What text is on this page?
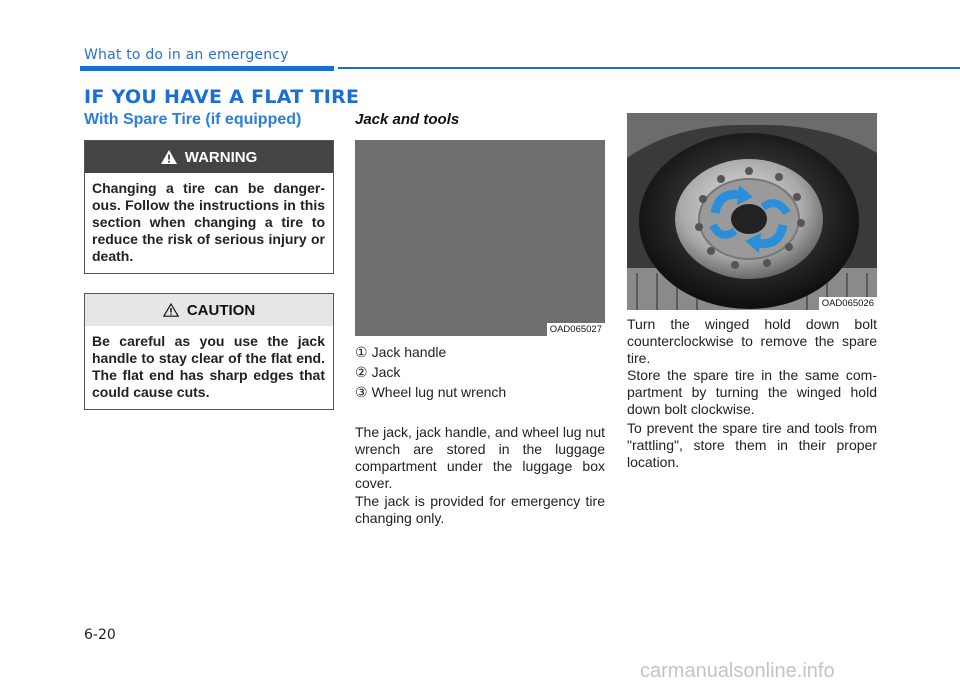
What to do in an emergency
IF YOU HAVE A FLAT TIRE
With Spare Tire (if equipped)
WARNING
Changing a tire can be danger-ous. Follow the instructions in this section when changing a tire to reduce the risk of serious injury or death.
CAUTION
Be careful as you use the jack handle to stay clear of the flat end. The flat end has sharp edges that could cause cuts.
Jack and tools
OAD065027
① Jack handle
② Jack
③ Wheel lug nut wrench

The jack, jack handle, and wheel lug nut wrench are stored in the luggage compartment under the luggage box cover.

The jack is provided for emergency tire changing only.

OAD065026

Turn the winged hold down bolt counterclockwise to remove the spare tire.

Store the spare tire in the same com-partment by turning the winged hold down bolt clockwise.

To prevent the spare tire and tools from "rattling", store them in their proper location.

6-20
carmanualsonline.info
